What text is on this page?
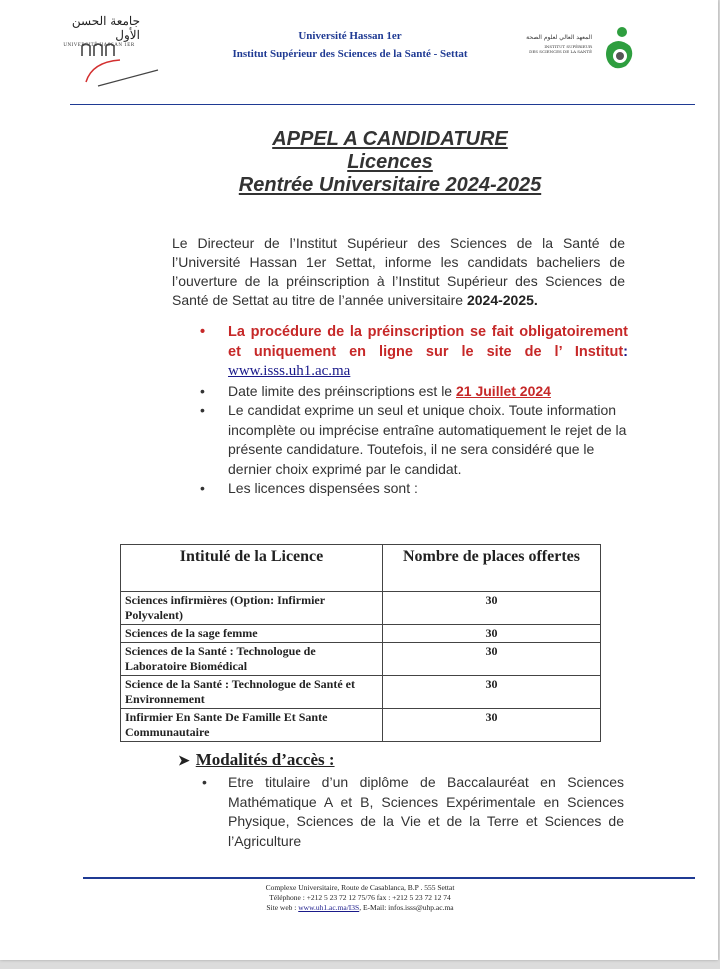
جامعة الحسن الأول
UNIVERSITÉ HASSAN 1ER
Université Hassan 1er
Institut Supérieur des Sciences de la Santé - Settat
المعهد العالي لعلوم الصحة
INSTITUT SUPÉRIEUR
DES SCIENCES DE LA SANTÉ
APPEL A CANDIDATURE
Licences
Rentrée Universitaire 2024-2025
Le Directeur de l’Institut Supérieur des Sciences de la Santé de l’Université Hassan 1er Settat, informe les candidats bacheliers de l’ouverture de la préinscription à l’Institut Supérieur des Sciences de Santé de Settat au titre de l’année universitaire 2024-2025.
• La procédure de la préinscription se fait obligatoirement et uniquement en ligne sur le site de l’ Institut: www.isss.uh1.ac.ma
• Date limite des préinscriptions est le 21 Juillet 2024
• Le candidat exprime un seul et unique choix. Toute information incomplète ou imprécise entraîne automatiquement le rejet de la présente candidature. Toutefois, il ne sera considéré que le dernier choix exprimé par le candidat.
• Les licences dispensées sont :
Intitulé de la Licence	Nombre de places offertes
Sciences infirmières (Option: Infirmier Polyvalent)	30
Sciences de la sage femme	30
Sciences de la Santé : Technologue de Laboratoire Biomédical	30
Science de la Santé : Technologue de Santé et Environnement	30
Infirmier En Sante De Famille Et Sante Communautaire	30
➤ Modalités d’accès :
• Etre titulaire d’un diplôme de Baccalauréat en Sciences Mathématique A et B, Sciences Expérimentale en Sciences Physique, Sciences de la Vie et de la Terre et Sciences de l’Agriculture
Complexe Universitaire, Route de Casablanca, B.P . 555 Settat
Téléphone : +212 5 23 72 12 75/76 fax : +212 5 23 72 12 74
Site web : www.uh1.ac.ma/I3S, E-Mail: infos.isss@uhp.ac.ma
